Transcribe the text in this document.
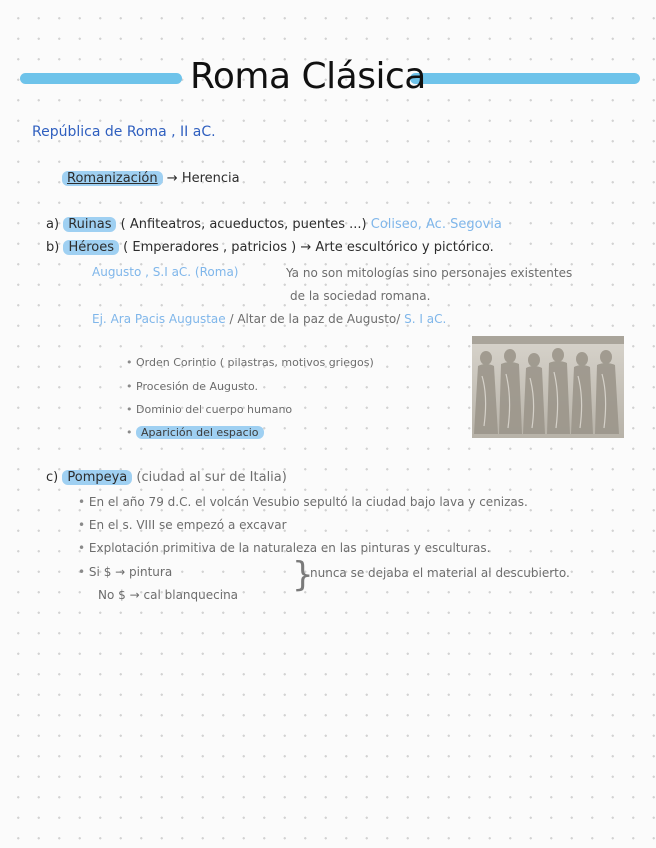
Roma Clásica
República de Roma , II aC.
Romanización → Herencia
a) Ruinas ( Anfiteatros, acueductos, puentes ...) Coliseo, Ac. Segovia
b) Héroes ( Emperadores , patricios ) → Arte escultórico y pictórico.
Augusto , S.I aC. (Roma)	Ya no son mitologías sino personajes existentes
de la sociedad romana.
Ej. Ara Pacis Augustae / Altar de la paz de Augusto/ S. I aC.
• Orden Corintio ( pilastras, motivos griegos)
• Procesión de Augusto.
• Dominio del cuerpo humano
• Aparición del espacio
c) Pompeya (ciudad al sur de Italia)
• En el año 79 d.C. el volcán Vesubio sepultó la ciudad bajo lava y cenizas.
• En el s. VIII se empezó a excavar
• Explotación primitiva de la naturaleza en las pinturas y esculturas.
• Si $ → pintura
No $ → cal blanquecina }
nunca se dejaba el material al descubierto.
